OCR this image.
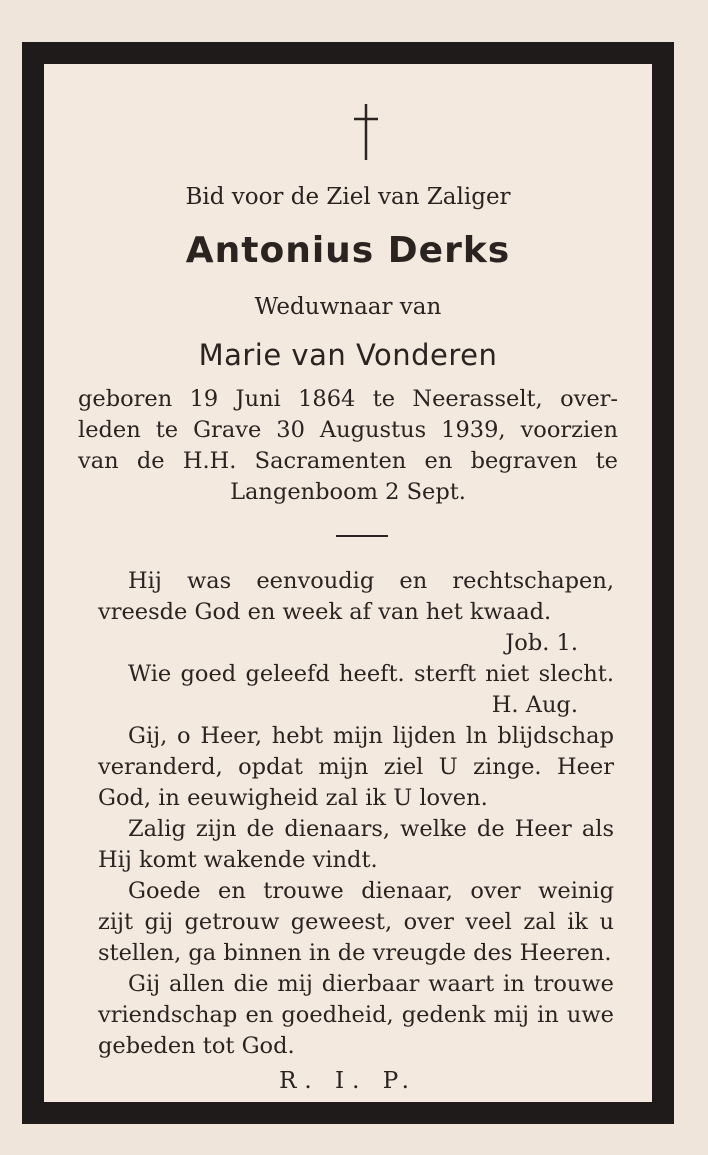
Bid voor de Ziel van Zaliger
Antonius Derks
Weduwnaar van
Marie van Vonderen
geboren 19 Juni 1864 te Neerasselt, over-
leden te Grave 30 Augustus 1939, voorzien
van de H.H. Sacramenten en begraven te
Langenboom 2 Sept.
Hij was eenvoudig en rechtschapen,
vreesde God en week af van het kwaad.
Job. 1.
Wie goed geleefd heeft. sterft niet slecht.
H. Aug.
Gij, o Heer, hebt mijn lijden ln blijdschap
veranderd, opdat mijn ziel U zinge. Heer
God, in eeuwigheid zal ik U loven.
Zalig zijn de dienaars, welke de Heer als
Hij komt wakende vindt.
Goede en trouwe dienaar, over weinig
zijt gij getrouw geweest, over veel zal ik u
stellen, ga binnen in de vreugde des Heeren.
Gij allen die mij dierbaar waart in trouwe
vriendschap en goedheid, gedenk mij in uwe
gebeden tot God.
R. I. P.
